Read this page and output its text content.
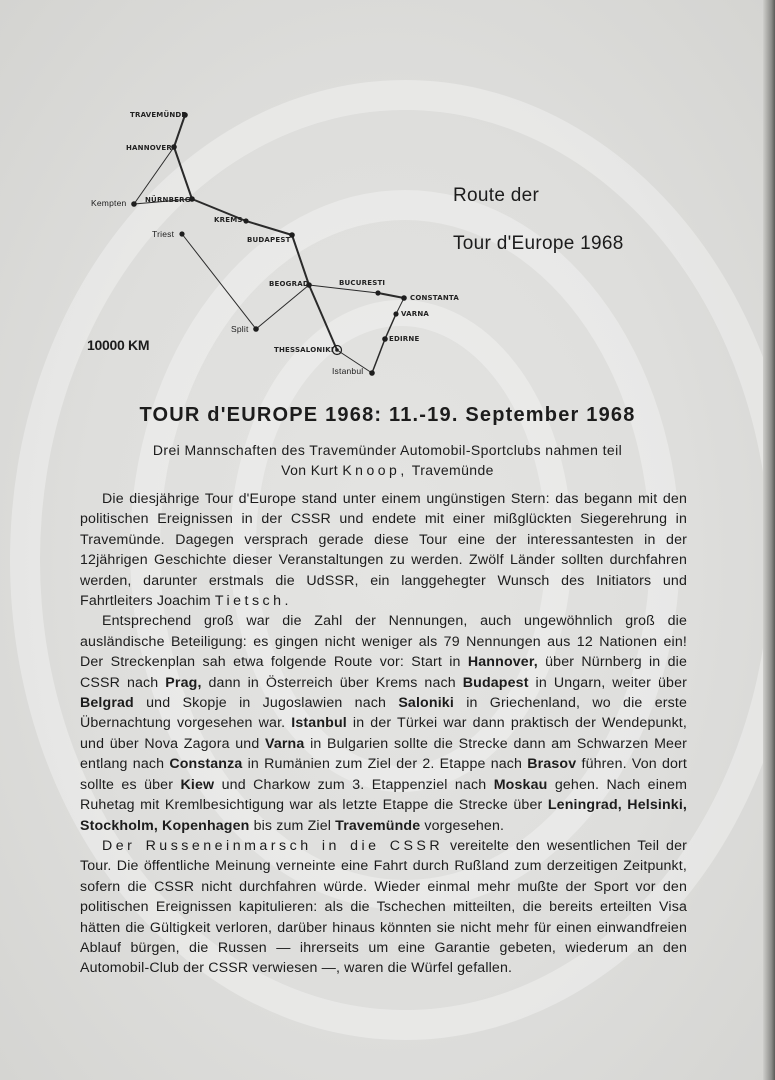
TRAVEMÜNDE
HANNOVER
Kempten	NÜRNBERG
KREMS
Triest
BUDAPEST
BEOGRAD	BUCURESTI
CONSTANTA
VARNA
Split
EDIRNE
THESSALONIKI
Istanbul
10000 KM
Route der
Tour d'Europe 1968
TOUR d'EUROPE 1968: 11.-19. September 1968
Drei Mannschaften des Travemünder Automobil-Sportclubs nahmen teil
Von Kurt Knoop, Travemünde

Die diesjährige Tour d'Europe stand unter einem ungünstigen Stern: das begann mit den politischen Ereignissen in der CSSR und endete mit einer mißglückten Siegerehrung in Travemünde. Dagegen versprach gerade diese Tour eine der interessantesten in der 12jährigen Geschichte dieser Veranstaltungen zu werden. Zwölf Länder sollten durchfahren werden, darunter erstmals die UdSSR, ein langgehegter Wunsch des Initiators und Fahrtleiters Joachim Tietsch.

Entsprechend groß war die Zahl der Nennungen, auch ungewöhnlich groß die ausländische Beteiligung: es gingen nicht weniger als 79 Nennungen aus 12 Nationen ein! Der Streckenplan sah etwa folgende Route vor: Start in Hannover, über Nürnberg in die CSSR nach Prag, dann in Österreich über Krems nach Budapest in Ungarn, weiter über Belgrad und Skopje in Jugoslawien nach Saloniki in Griechenland, wo die erste Übernachtung vorgesehen war. Istanbul in der Türkei war dann praktisch der Wendepunkt, und über Nova Zagora und Varna in Bulgarien sollte die Strecke dann am Schwarzen Meer entlang nach Constanza in Rumänien zum Ziel der 2. Etappe nach Brasov führen. Von dort sollte es über Kiew und Charkow zum 3. Etappenziel nach Moskau gehen. Nach einem Ruhetag mit Kremlbesichtigung war als letzte Etappe die Strecke über Leningrad, Helsinki, Stockholm, Kopenhagen bis zum Ziel Travemünde vorgesehen.

Der Russeneinmarsch in die CSSR vereitelte den wesentlichen Teil der Tour. Die öffentliche Meinung verneinte eine Fahrt durch Rußland zum derzeitigen Zeitpunkt, sofern die CSSR nicht durchfahren würde. Wieder einmal mehr mußte der Sport vor den politischen Ereignissen kapitulieren: als die Tschechen mitteilten, die bereits erteilten Visa hätten die Gültigkeit verloren, darüber hinaus könnten sie nicht mehr für einen einwandfreien Ablauf bürgen, die Russen — ihrerseits um eine Garantie gebeten, wiederum an den Automobil-Club der CSSR verwiesen —, waren die Würfel gefallen.
